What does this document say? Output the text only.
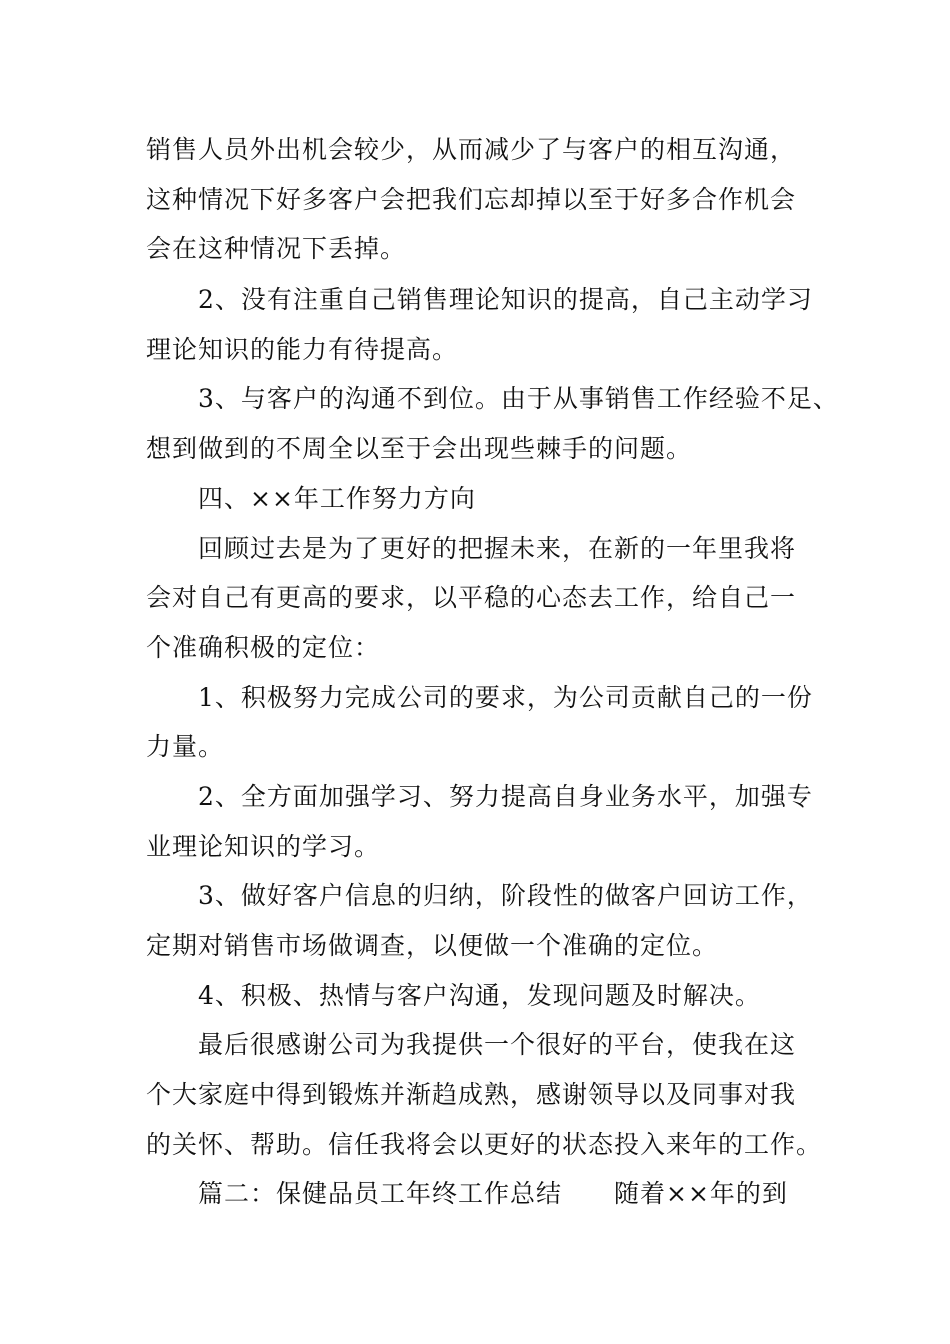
销售人员外出机会较少，从而减少了与客户的相互沟通，
这种情况下好多客户会把我们忘却掉以至于好多合作机会
会在这种情况下丢掉。
2、没有注重自己销售理论知识的提高，自己主动学习
理论知识的能力有待提高。
3、与客户的沟通不到位。由于从事销售工作经验不足、
想到做到的不周全以至于会出现些棘手的问题。
四、××年工作努力方向
回顾过去是为了更好的把握未来，在新的一年里我将
会对自己有更高的要求，以平稳的心态去工作，给自己一
个准确积极的定位：
1、积极努力完成公司的要求，为公司贡献自己的一份
力量。
2、全方面加强学习、努力提高自身业务水平，加强专
业理论知识的学习。
3、做好客户信息的归纳，阶段性的做客户回访工作，
定期对销售市场做调查，以便做一个准确的定位。
4、积极、热情与客户沟通，发现问题及时解决。
最后很感谢公司为我提供一个很好的平台，使我在这
个大家庭中得到锻炼并渐趋成熟，感谢领导以及同事对我
的关怀、帮助。信任我将会以更好的状态投入来年的工作。
篇二：保健品员工年终工作总结　　随着××年的到
